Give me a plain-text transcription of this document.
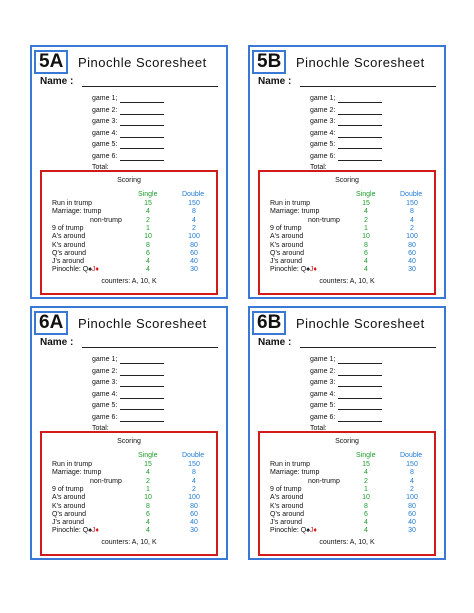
5A	Pinochle Scoresheet
Name :
game 1;
game 2:
game 3:
game 4:
game 5:
game 6:
Total:
Scoring
Single	Double
Run in trump	15	150
Marriage: trump	4	8
non-trump	2	4
9 of trump	1	2
A's around	10	100
K's around	8	80
Q's around	6	60
J's around	4	40
Pinochle: Q♠J♦	4	30
counters: A, 10, K
5B	Pinochle Scoresheet
Name :
game 1;
game 2:
game 3:
game 4:
game 5:
game 6:
Total:
Scoring
Single	Double
Run in trump	15	150
Marriage: trump	4	8
non-trump	2	4
9 of trump	1	2
A's around	10	100
K's around	8	80
Q's around	6	60
J's around	4	40
Pinochle: Q♠J♦	4	30
counters: A, 10, K
6A	Pinochle Scoresheet
Name :
game 1;
game 2:
game 3:
game 4:
game 5:
game 6:
Total:
Scoring
Single	Double
Run in trump	15	150
Marriage: trump	4	8
non-trump	2	4
9 of trump	1	2
A's around	10	100
K's around	8	80
Q's around	6	60
J's around	4	40
Pinochle: Q♠J♦	4	30
counters: A, 10, K
6B	Pinochle Scoresheet
Name :
game 1;
game 2:
game 3:
game 4:
game 5:
game 6:
Total:
Scoring
Single	Double
Run in trump	15	150
Marriage: trump	4	8
non-trump	2	4
9 of trump	1	2
A's around	10	100
K's around	8	80
Q's around	6	60
J's around	4	40
Pinochle: Q♠J♦	4	30
counters: A, 10, K
